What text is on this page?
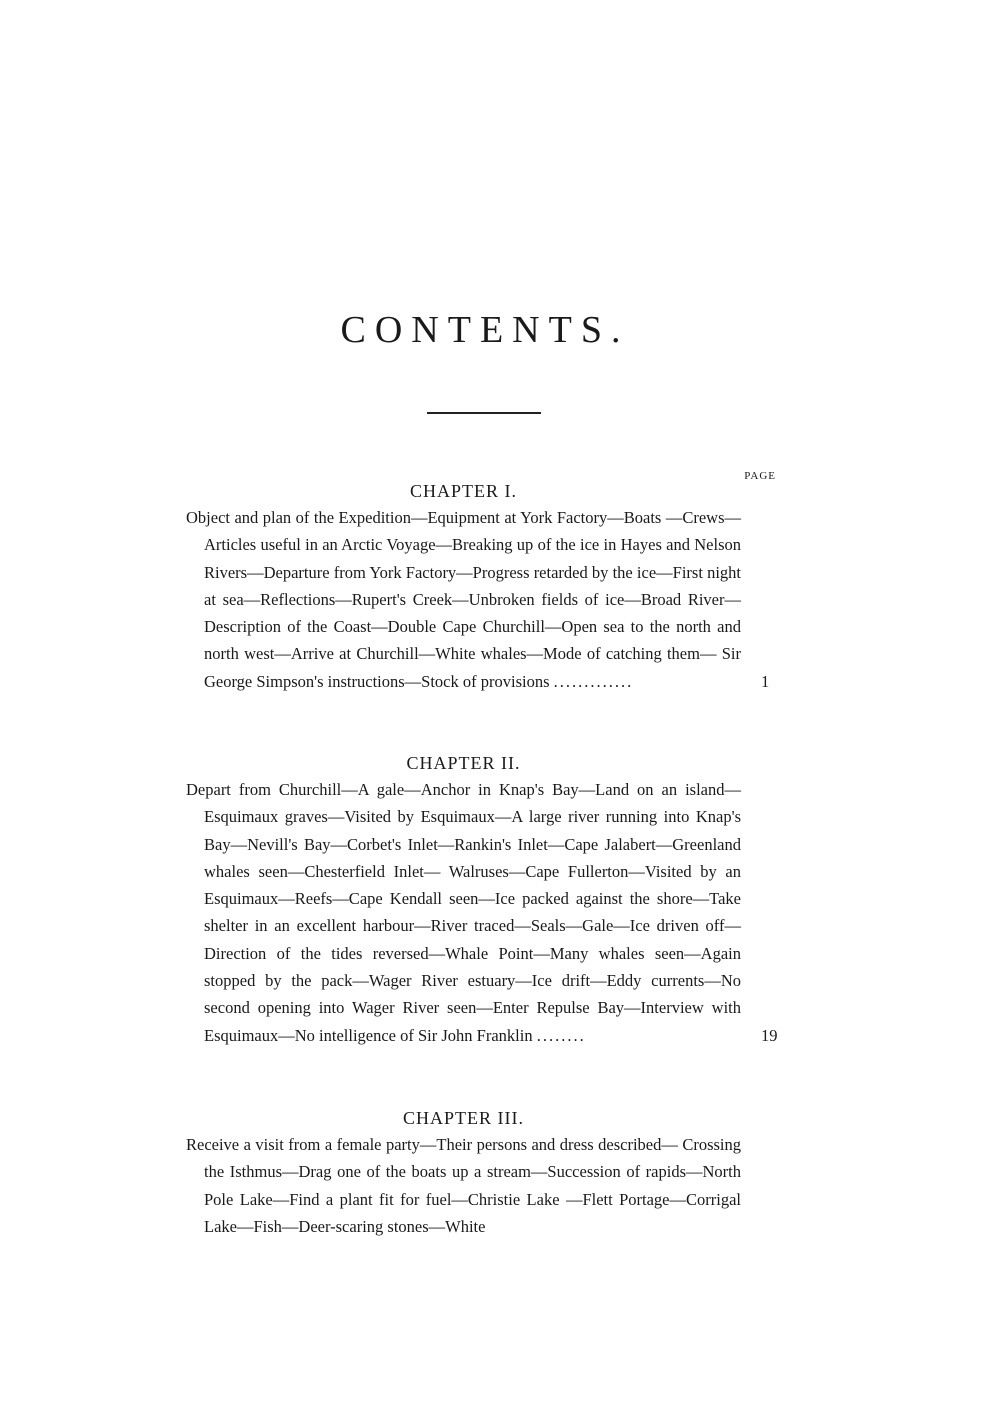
CONTENTS.
PAGE
CHAPTER I.
Object and plan of the Expedition—Equipment at York Factory—Boats —Crews—Articles useful in an Arctic Voyage—Breaking up of the ice in Hayes and Nelson Rivers—Departure from York Factory—Progress retarded by the ice—First night at sea—Reflections—Rupert's Creek—Unbroken fields of ice—Broad River—Description of the Coast—Double Cape Churchill—Open sea to the north and north west—Arrive at Churchill—White whales—Mode of catching them— Sir George Simpson's instructions—Stock of provisions .............	1
CHAPTER II.
Depart from Churchill—A gale—Anchor in Knap's Bay—Land on an island—Esquimaux graves—Visited by Esquimaux—A large river running into Knap's Bay—Nevill's Bay—Corbet's Inlet—Rankin's Inlet—Cape Jalabert—Greenland whales seen—Chesterfield Inlet— Walruses—Cape Fullerton—Visited by an Esquimaux—Reefs—Cape Kendall seen—Ice packed against the shore—Take shelter in an excellent harbour—River traced—Seals—Gale—Ice driven off—Direction of the tides reversed—Whale Point—Many whales seen—Again stopped by the pack—Wager River estuary—Ice drift—Eddy currents—No second opening into Wager River seen—Enter Repulse Bay—Interview with Esquimaux—No intelligence of Sir John Franklin ........	19
CHAPTER III.
Receive a visit from a female party—Their persons and dress described— Crossing the Isthmus—Drag one of the boats up a stream—Succession of rapids—North Pole Lake—Find a plant fit for fuel—Christie Lake —Flett Portage—Corrigal Lake—Fish—Deer-scaring stones—White
